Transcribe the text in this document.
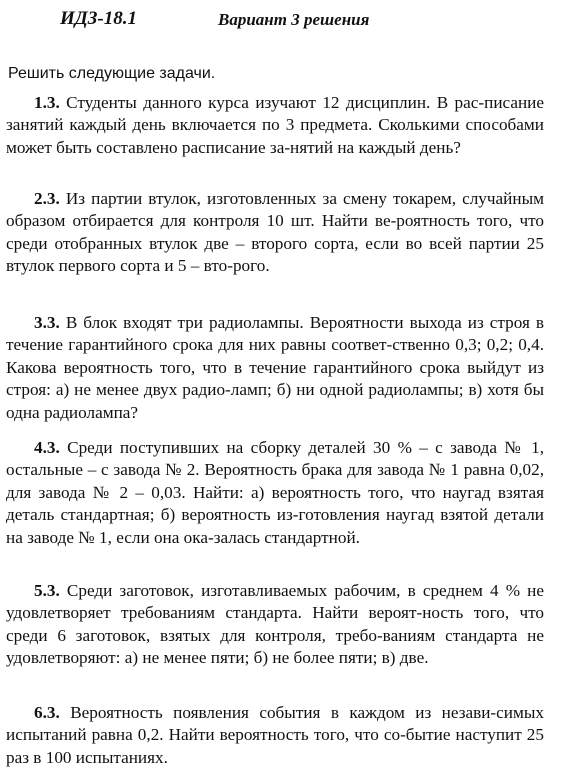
ИДЗ-18.1	Вариант 3 решения
Решить следующие задачи.

1.3. Студенты данного курса изучают 12 дисциплин. В рас-писание занятий каждый день включается по 3 предмета. Сколькими способами может быть составлено расписание за-нятий на каждый день?

2.3. Из партии втулок, изготовленных за смену токарем, случайным образом отбирается для контроля 10 шт. Найти ве-роятность того, что среди отобранных втулок две – второго сорта, если во всей партии 25 втулок первого сорта и 5 – вто-рого.

3.3. В блок входят три радиолампы. Вероятности выхода из строя в течение гарантийного срока для них равны соответ-ственно 0,3; 0,2; 0,4. Какова вероятность того, что в течение гарантийного срока выйдут из строя: а) не менее двух радио-ламп; б) ни одной радиолампы; в) хотя бы одна радиолампа?

4.3. Среди поступивших на сборку деталей 30 % – с завода № 1, остальные – с завода № 2. Вероятность брака для завода № 1 равна 0,02, для завода № 2 – 0,03. Найти: а) вероятность того, что наугад взятая деталь стандартная; б) вероятность из-готовления наугад взятой детали на заводе № 1, если она ока-залась стандартной.

5.3. Среди заготовок, изготавливаемых рабочим, в среднем 4 % не удовлетворяет требованиям стандарта. Найти вероят-ность того, что среди 6 заготовок, взятых для контроля, требо-ваниям стандарта не удовлетворяют: а) не менее пяти; б) не более пяти; в) две.

6.3. Вероятность появления события в каждом из незави-симых испытаний равна 0,2. Найти вероятность того, что со-бытие наступит 25 раз в 100 испытаниях.
